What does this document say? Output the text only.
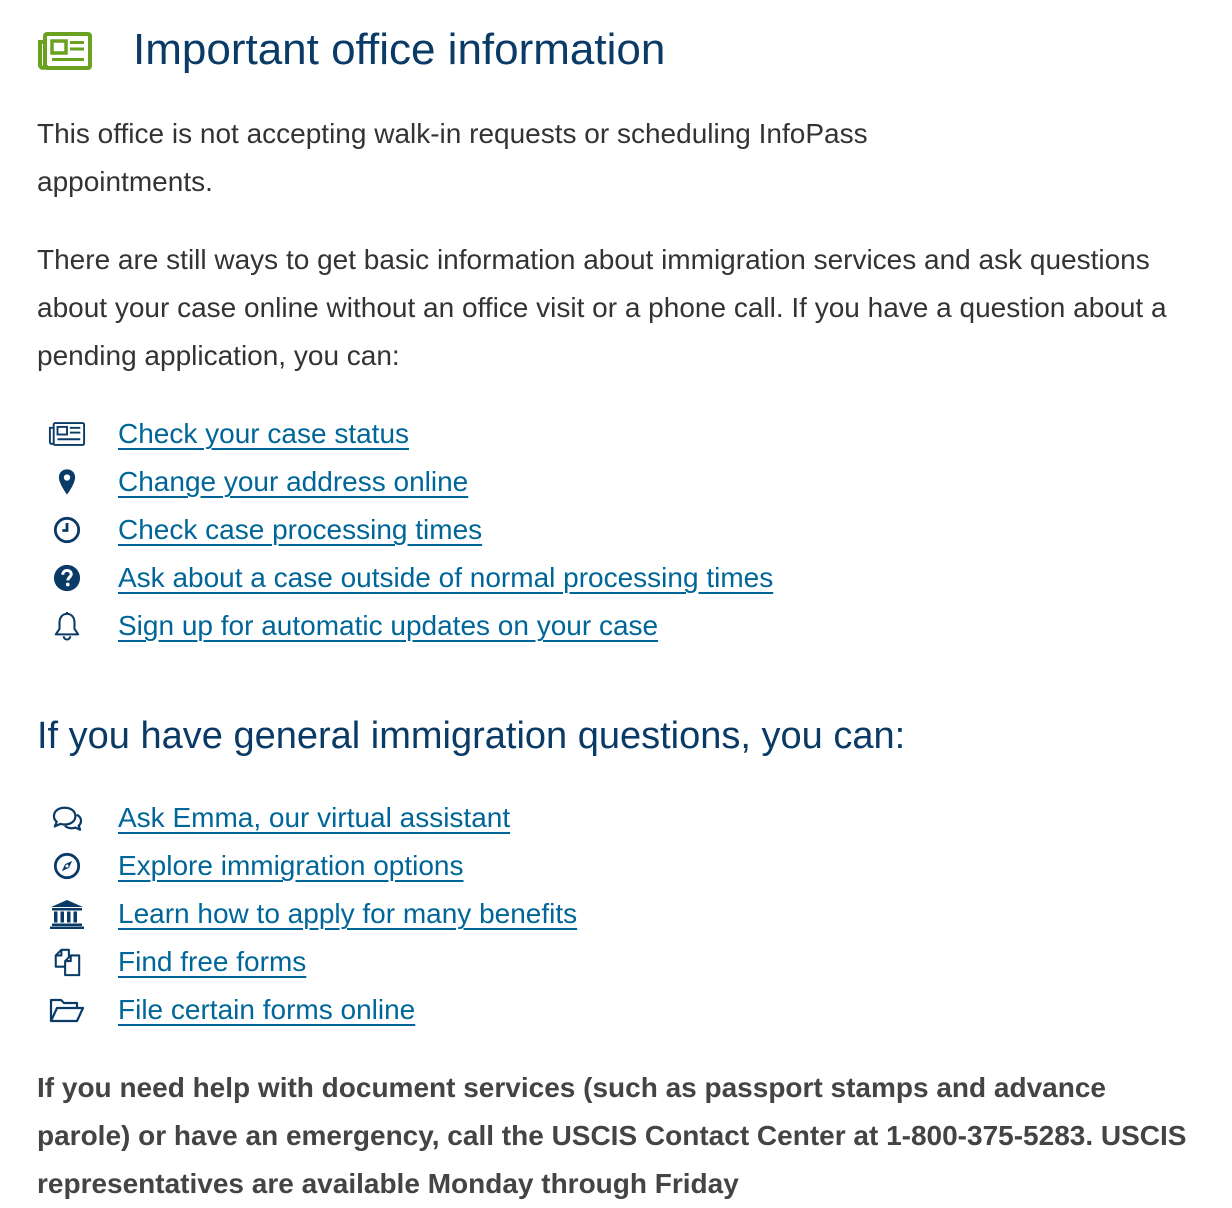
Important office information

This office is not accepting walk-in requests or scheduling InfoPass appointments.

There are still ways to get basic information about immigration services and ask questions about your case online without an office visit or a phone call. If you have a question about a pending application, you can:

Check your case status
Change your address online
Check case processing times
Ask about a case outside of normal processing times
Sign up for automatic updates on your case
If you have general immigration questions, you can:
Ask Emma, our virtual assistant
Explore immigration options
Learn how to apply for many benefits
Find free forms
File certain forms online

If you need help with document services (such as passport stamps and advance parole) or have an emergency, call the USCIS Contact Center at 1-800-375-5283. USCIS representatives are available Monday through Friday
